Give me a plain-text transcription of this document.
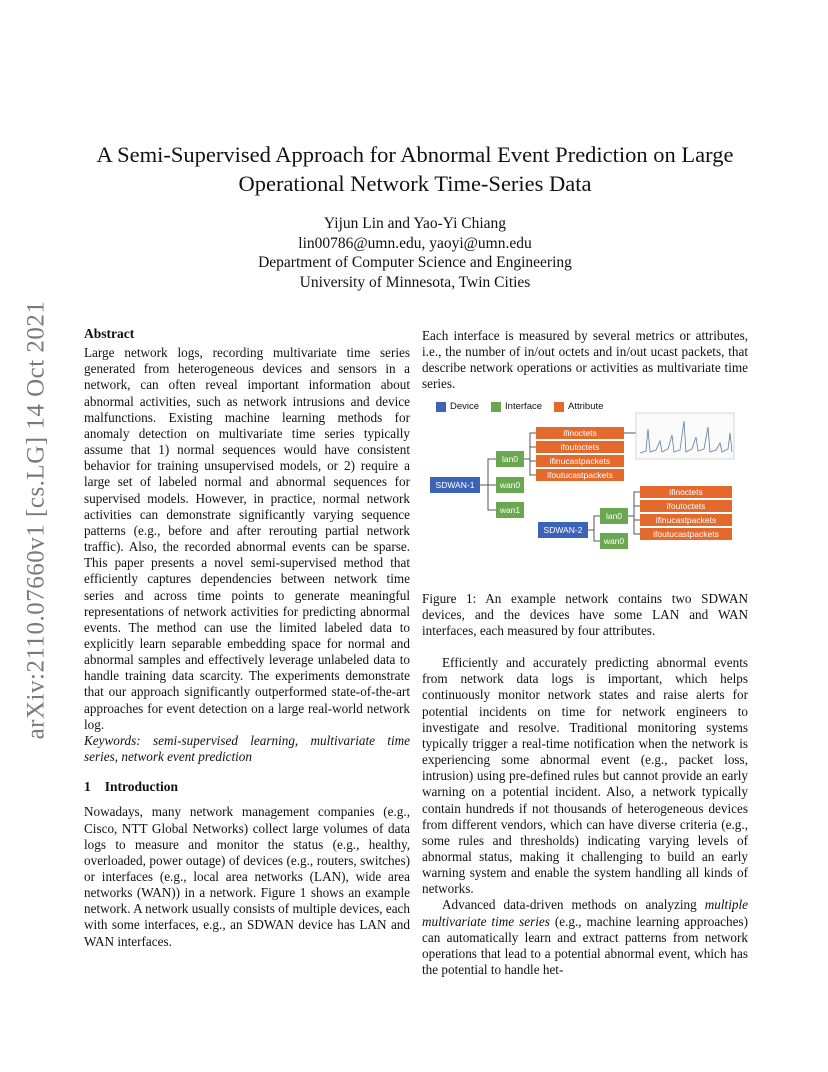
arXiv:2110.07660v1 [cs.LG] 14 Oct 2021
A Semi-Supervised Approach for Abnormal Event Prediction on Large Operational Network Time-Series Data
Yijun Lin and Yao-Yi Chiang
lin00786@umn.edu, yaoyi@umn.edu
Department of Computer Science and Engineering
University of Minnesota, Twin Cities

Abstract

Large network logs, recording multivariate time series generated from heterogeneous devices and sensors in a network, can often reveal important information about abnormal activities, such as network intrusions and device malfunctions. Existing machine learning methods for anomaly detection on multivariate time series typically assume that 1) normal sequences would have consistent behavior for training unsupervised models, or 2) require a large set of labeled normal and abnormal sequences for supervised models. However, in practice, normal network activities can demonstrate significantly varying sequence patterns (e.g., before and after rerouting partial network traffic). Also, the recorded abnormal events can be sparse. This paper presents a novel semi-supervised method that efficiently captures dependencies between network time series and across time points to generate meaningful representations of network activities for predicting abnormal events. The method can use the limited labeled data to explicitly learn separable embedding space for normal and abnormal samples and effectively leverage unlabeled data to handle training data scarcity. The experiments demonstrate that our approach significantly outperformed state-of-the-art approaches for event detection on a large real-world network log.

Keywords: semi-supervised learning, multivariate time series, network event prediction

1 Introduction

Nowadays, many network management companies (e.g., Cisco, NTT Global Networks) collect large volumes of data logs to measure and monitor the status (e.g., healthy, overloaded, power outage) of devices (e.g., routers, switches) or interfaces (e.g., local area networks (LAN), wide area networks (WAN)) in a network. Figure 1 shows an example network. A network usually consists of multiple devices, each with some interfaces, e.g., an SDWAN device has LAN and WAN interfaces.

Each interface is measured by several metrics or attributes, i.e., the number of in/out octets and in/out ucast packets, that describe network operations or activities as multivariate time series.

Device	Interface	Attribute
SDWAN-1
lan0
wan0
wan1
ifinoctets
ifoutoctets
ifinucastpackets
ifoutucastpackets
SDWAN-2
lan0
wan0
ifinoctets
ifoutoctets
ifinucastpackets
ifoutucastpackets

Figure 1: An example network contains two SDWAN devices, and the devices have some LAN and WAN interfaces, each measured by four attributes.

Efficiently and accurately predicting abnormal events from network data logs is important, which helps continuously monitor network states and raise alerts for potential incidents on time for network engineers to investigate and resolve. Traditional monitoring systems typically trigger a real-time notification when the network is experiencing some abnormal event (e.g., packet loss, intrusion) using pre-defined rules but cannot provide an early warning on a potential incident. Also, a network typically contain hundreds if not thousands of heterogeneous devices from different vendors, which can have diverse criteria (e.g., some rules and thresholds) indicating varying levels of abnormal status, making it challenging to build an early warning system and enable the system handling all kinds of networks.

Advanced data-driven methods on analyzing multiple multivariate time series (e.g., machine learning approaches) can automatically learn and extract patterns from network operations that lead to a potential abnormal event, which has the potential to handle het-
